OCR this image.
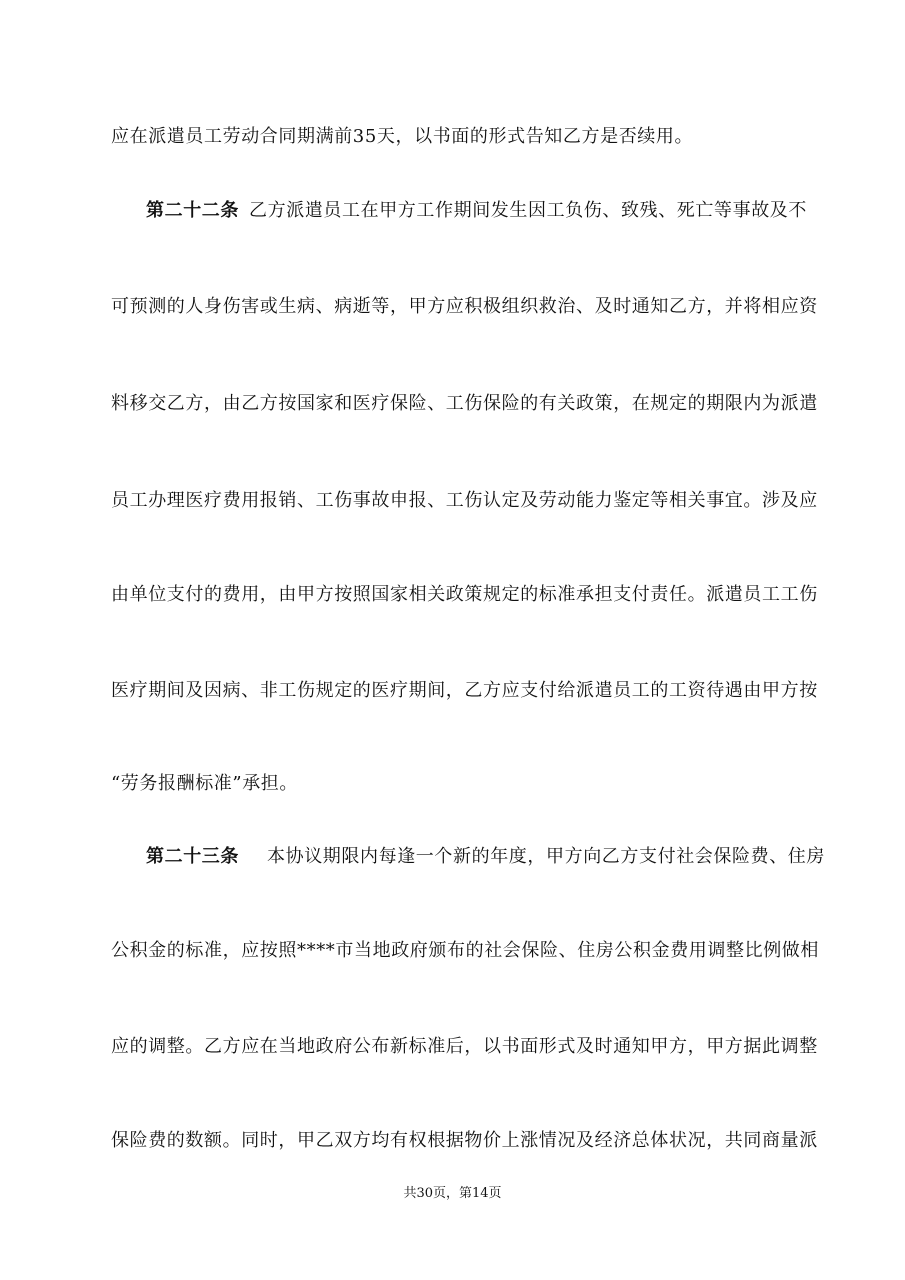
应在派遣员工劳动合同期满前35天，以书面的形式告知乙方是否续用。
第二十二条 乙方派遣员工在甲方工作期间发生因工负伤、致残、死亡等事故及不
可预测的人身伤害或生病、病逝等，甲方应积极组织救治、及时通知乙方，并将相应资
料移交乙方，由乙方按国家和医疗保险、工伤保险的有关政策，在规定的期限内为派遣
员工办理医疗费用报销、工伤事故申报、工伤认定及劳动能力鉴定等相关事宜。涉及应
由单位支付的费用，由甲方按照国家相关政策规定的标准承担支付责任。派遣员工工伤
医疗期间及因病、非工伤规定的医疗期间，乙方应支付给派遣员工的工资待遇由甲方按
“劳务报酬标准”承担。
第二十三条 本协议期限内每逢一个新的年度，甲方向乙方支付社会保险费、住房
公积金的标准，应按照****市当地政府颁布的社会保险、住房公积金费用调整比例做相
应的调整。乙方应在当地政府公布新标准后，以书面形式及时通知甲方，甲方据此调整
保险费的数额。同时，甲乙双方均有权根据物价上涨情况及经济总体状况，共同商量派
共30页，第14页
